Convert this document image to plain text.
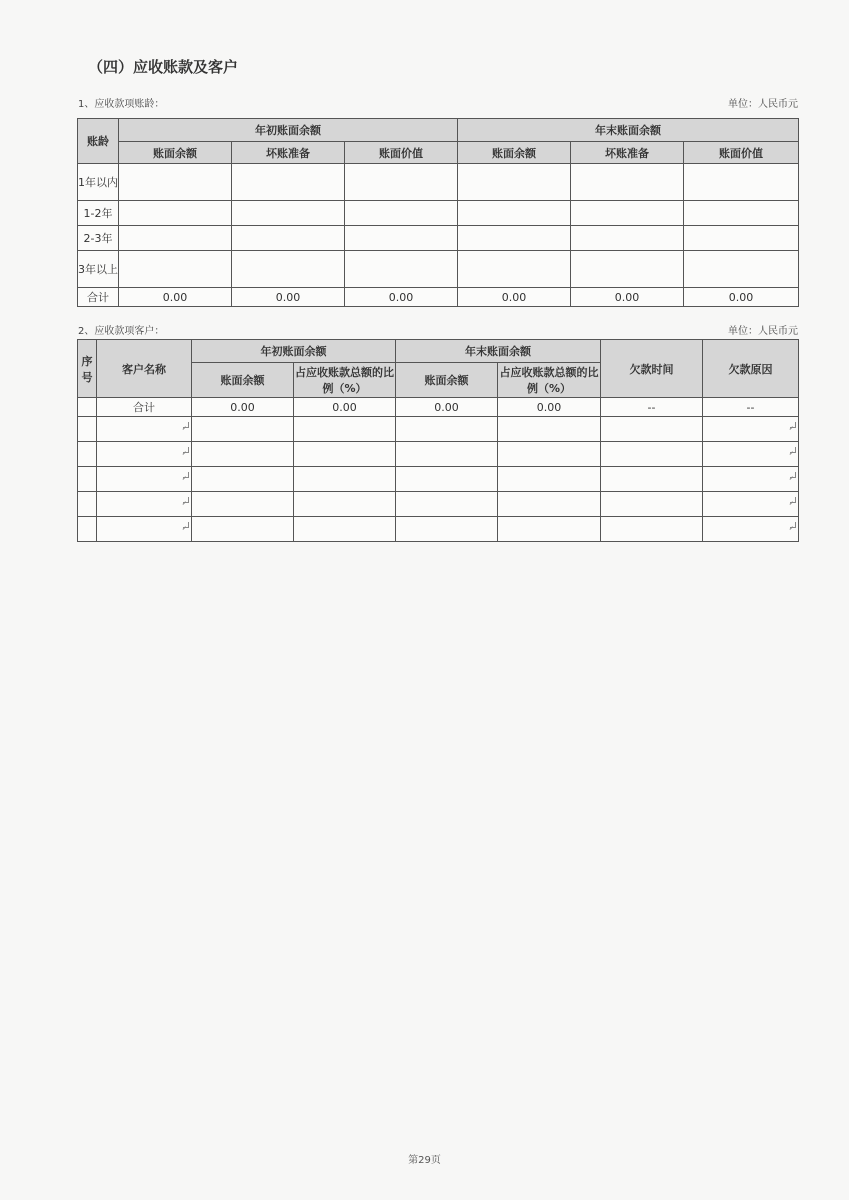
（四）应收账款及客户
1、应收款项账龄：	单位：人民币元
账龄	年初账面余额			年末账面余额		
	账面余额	坏账准备	账面价值	账面余额	坏账准备	账面价值
1年以内						
1-2年						
2-3年						
3年以上						
合计	0.00	0.00	0.00	0.00	0.00	0.00
2、应收款项客户：	单位：人民币元
序号	客户名称	年初账面余额		年末账面余额		欠款时间	欠款原因
		账面余额	占应收账款总额的比例（%）	账面余额	占应收账款总额的比例（%）		
	合计	0.00	0.00	0.00	0.00	--	--

第29页
